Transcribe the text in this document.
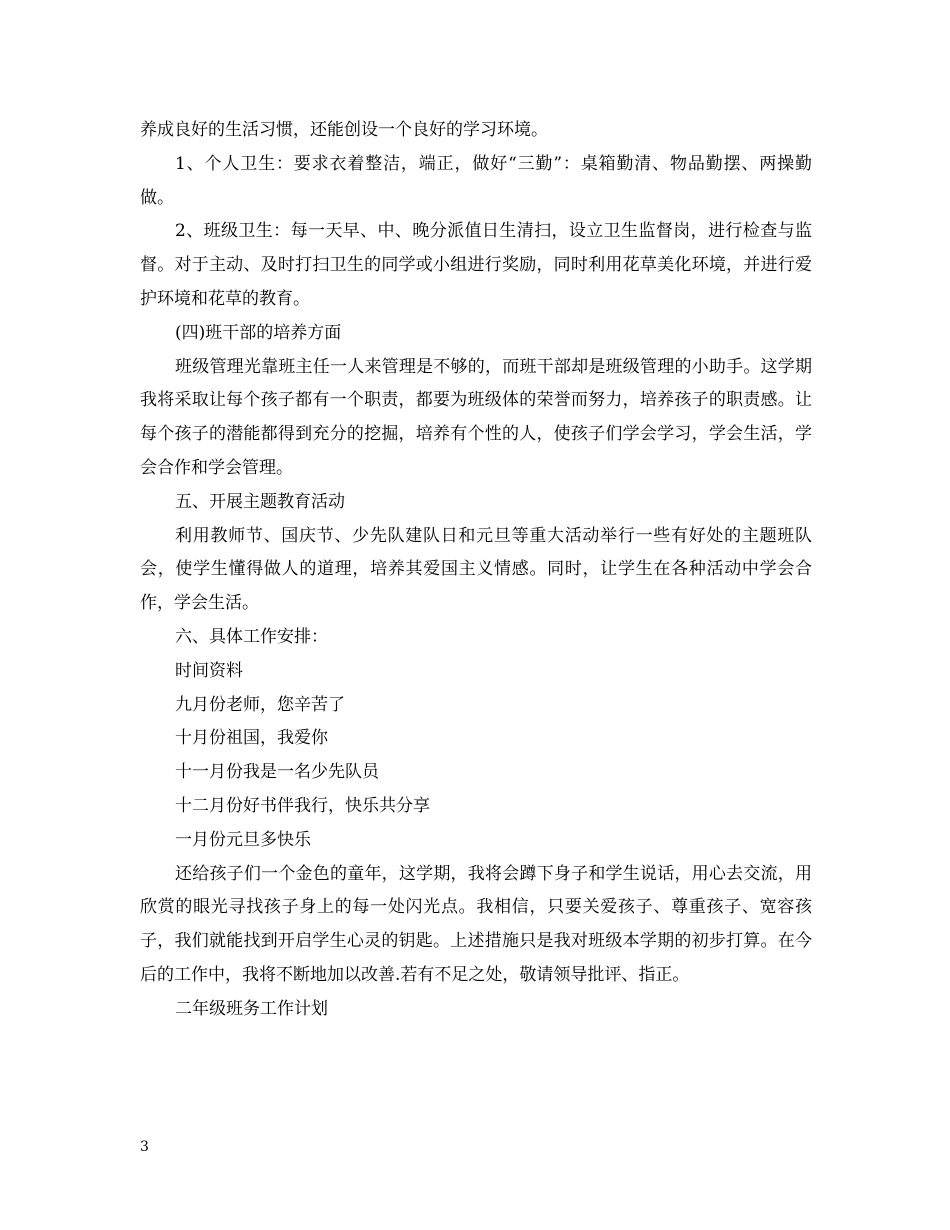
养成良好的生活习惯，还能创设一个良好的学习环境。

1、个人卫生：要求衣着整洁，端正，做好“三勤”：桌箱勤清、物品勤摆、两操勤做。

2、班级卫生：每一天早、中、晚分派值日生清扫，设立卫生监督岗，进行检查与监督。对于主动、及时打扫卫生的同学或小组进行奖励，同时利用花草美化环境，并进行爱护环境和花草的教育。

(四)班干部的培养方面

班级管理光靠班主任一人来管理是不够的，而班干部却是班级管理的小助手。这学期我将采取让每个孩子都有一个职责，都要为班级体的荣誉而努力，培养孩子的职责感。让每个孩子的潜能都得到充分的挖掘，培养有个性的人，使孩子们学会学习，学会生活，学会合作和学会管理。

五、开展主题教育活动

利用教师节、国庆节、少先队建队日和元旦等重大活动举行一些有好处的主题班队会，使学生懂得做人的道理，培养其爱国主义情感。同时，让学生在各种活动中学会合作，学会生活。

六、具体工作安排：

时间资料

九月份老师，您辛苦了

十月份祖国，我爱你

十一月份我是一名少先队员

十二月份好书伴我行，快乐共分享

一月份元旦多快乐

还给孩子们一个金色的童年，这学期，我将会蹲下身子和学生说话，用心去交流，用欣赏的眼光寻找孩子身上的每一处闪光点。我相信，只要关爱孩子、尊重孩子、宽容孩子，我们就能找到开启学生心灵的钥匙。上述措施只是我对班级本学期的初步打算。在今后的工作中，我将不断地加以改善.若有不足之处，敬请领导批评、指正。

二年级班务工作计划

3
